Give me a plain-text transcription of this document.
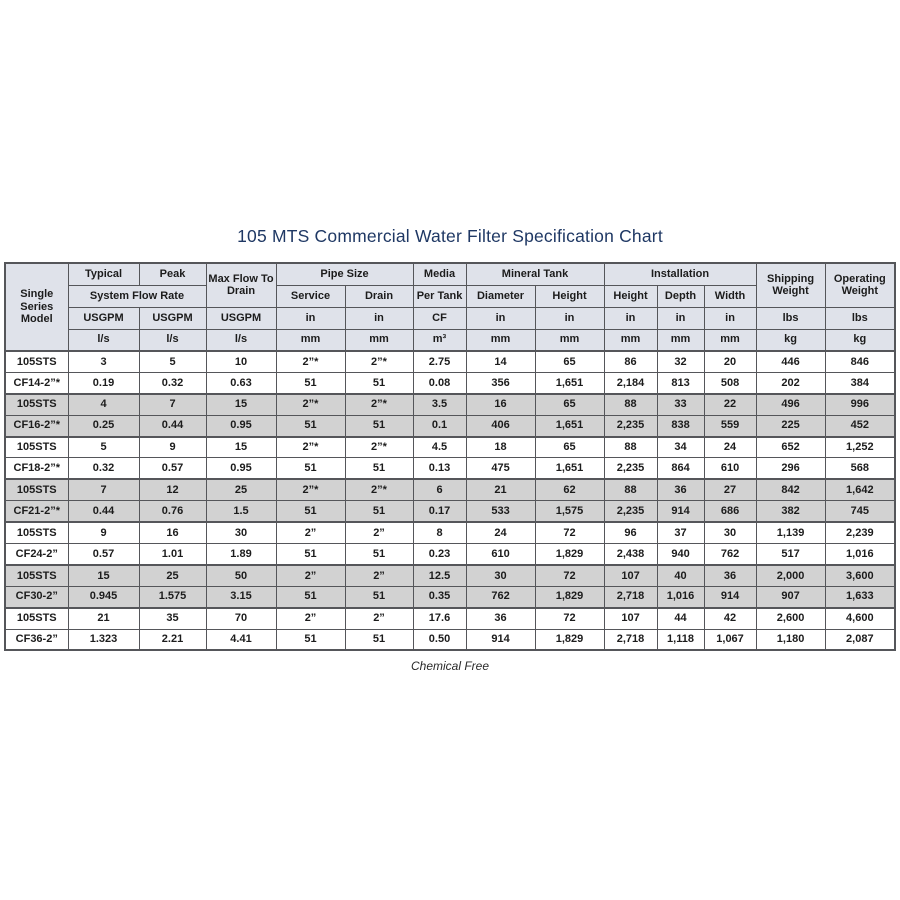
105 MTS Commercial Water Filter Specification Chart
Single Series Model	Typical	Peak	Max Flow To Drain	Pipe Size		Media	Mineral Tank		Installation			Shipping Weight	Operating Weight
	System Flow Rate			Service	Drain	Per Tank	Diameter	Height	Height	Depth	Width		
	USGPM	USGPM	USGPM	in	in	CF	in	in	in	in	in	lbs	lbs
	l/s	l/s	l/s	mm	mm	m³	mm	mm	mm	mm	mm	kg	kg
105STS	3	5	10	2”*	2”*	2.75	14	65	86	32	20	446	846
CF14-2”*	0.19	0.32	0.63	51	51	0.08	356	1,651	2,184	813	508	202	384
105STS	4	7	15	2”*	2”*	3.5	16	65	88	33	22	496	996
CF16-2”*	0.25	0.44	0.95	51	51	0.1	406	1,651	2,235	838	559	225	452
105STS	5	9	15	2”*	2”*	4.5	18	65	88	34	24	652	1,252
CF18-2”*	0.32	0.57	0.95	51	51	0.13	475	1,651	2,235	864	610	296	568
105STS	7	12	25	2”*	2”*	6	21	62	88	36	27	842	1,642
CF21-2”*	0.44	0.76	1.5	51	51	0.17	533	1,575	2,235	914	686	382	745
105STS	9	16	30	2”	2”	8	24	72	96	37	30	1,139	2,239
CF24-2”	0.57	1.01	1.89	51	51	0.23	610	1,829	2,438	940	762	517	1,016
105STS	15	25	50	2”	2”	12.5	30	72	107	40	36	2,000	3,600
CF30-2”	0.945	1.575	3.15	51	51	0.35	762	1,829	2,718	1,016	914	907	1,633
105STS	21	35	70	2”	2”	17.6	36	72	107	44	42	2,600	4,600
CF36-2”	1.323	2.21	4.41	51	51	0.50	914	1,829	2,718	1,118	1,067	1,180	2,087
Chemical Free
